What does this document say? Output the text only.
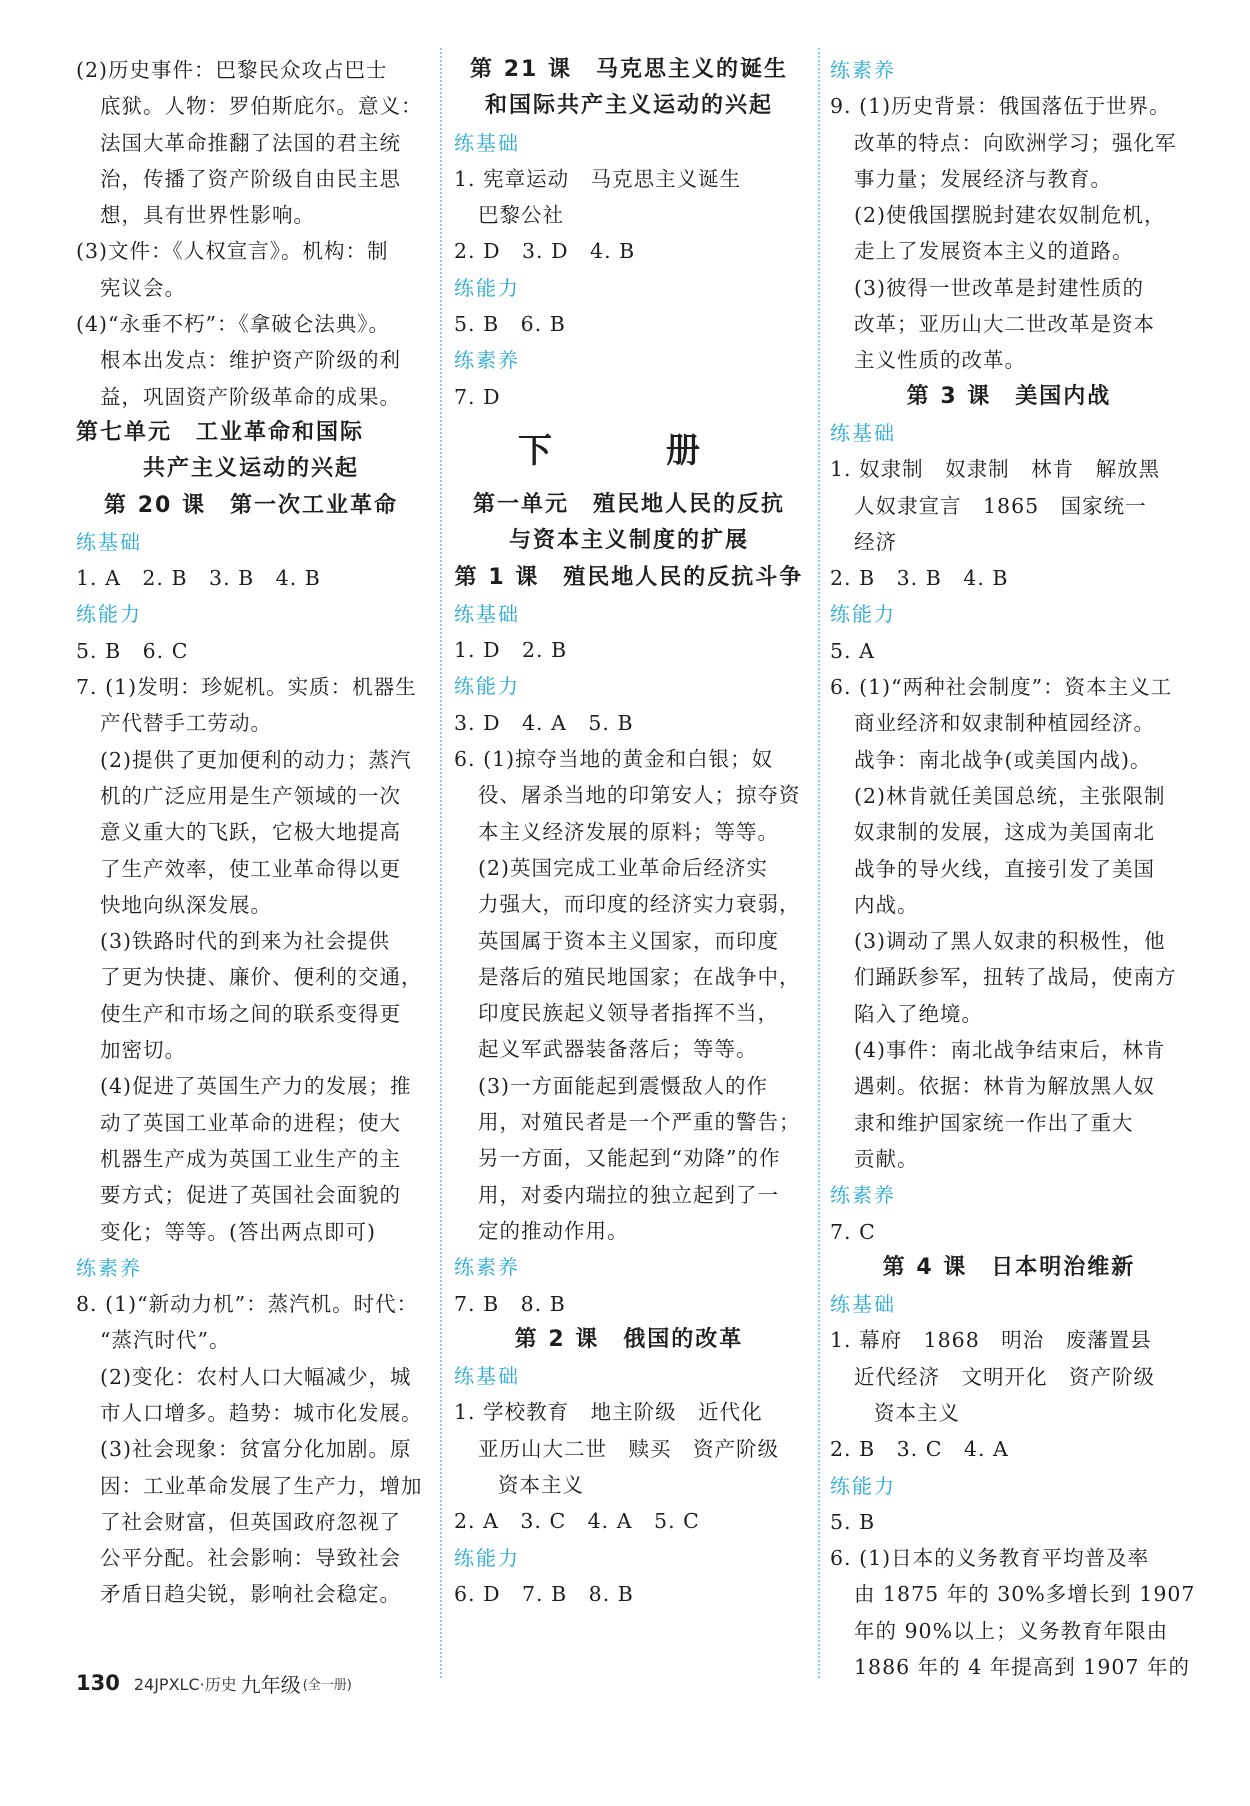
(2)历史事件：巴黎民众攻占巴士
底狱。人物：罗伯斯庇尔。意义：
法国大革命推翻了法国的君主统
治，传播了资产阶级自由民主思
想，具有世界性影响。
(3)文件：《人权宣言》。机构：制
宪议会。
(4)“永垂不朽”：《拿破仑法典》。
根本出发点：维护资产阶级的利
益，巩固资产阶级革命的成果。
第七单元　工业革命和国际
共产主义运动的兴起
第 20 课　第一次工业革命
练基础
1. A　2. B　3. B　4. B
练能力
5. B　6. C
7. (1)发明：珍妮机。实质：机器生
产代替手工劳动。
(2)提供了更加便利的动力；蒸汽
机的广泛应用是生产领域的一次
意义重大的飞跃，它极大地提高
了生产效率，使工业革命得以更
快地向纵深发展。
(3)铁路时代的到来为社会提供
了更为快捷、廉价、便利的交通，
使生产和市场之间的联系变得更
加密切。
(4)促进了英国生产力的发展；推
动了英国工业革命的进程；使大
机器生产成为英国工业生产的主
要方式；促进了英国社会面貌的
变化；等等。(答出两点即可)
练素养
8. (1)“新动力机”：蒸汽机。时代：
“蒸汽时代”。
(2)变化：农村人口大幅减少，城
市人口增多。趋势：城市化发展。
(3)社会现象：贫富分化加剧。原
因：工业革命发展了生产力，增加
了社会财富，但英国政府忽视了
公平分配。社会影响：导致社会
矛盾日趋尖锐，影响社会稳定。
第 21 课　马克思主义的诞生
和国际共产主义运动的兴起
练基础
1. 宪章运动　马克思主义诞生
巴黎公社
2. D　3. D　4. B
练能力
5. B　6. B
练素养
7. D
下　册
第一单元　殖民地人民的反抗
与资本主义制度的扩展
第 1 课　殖民地人民的反抗斗争
练基础
1. D　2. B
练能力
3. D　4. A　5. B
6. (1)掠夺当地的黄金和白银；奴
役、屠杀当地的印第安人；掠夺资
本主义经济发展的原料；等等。
(2)英国完成工业革命后经济实
力强大，而印度的经济实力衰弱，
英国属于资本主义国家，而印度
是落后的殖民地国家；在战争中，
印度民族起义领导者指挥不当，
起义军武器装备落后；等等。
(3)一方面能起到震慑敌人的作
用，对殖民者是一个严重的警告；
另一方面，又能起到“劝降”的作
用，对委内瑞拉的独立起到了一
定的推动作用。
练素养
7. B　8. B
第 2 课　俄国的改革
练基础
1. 学校教育　地主阶级　近代化
亚历山大二世　赎买　资产阶级
资本主义
2. A　3. C　4. A　5. C
练能力
6. D　7. B　8. B
练素养
9. (1)历史背景：俄国落伍于世界。
改革的特点：向欧洲学习；强化军
事力量；发展经济与教育。
(2)使俄国摆脱封建农奴制危机，
走上了发展资本主义的道路。
(3)彼得一世改革是封建性质的
改革；亚历山大二世改革是资本
主义性质的改革。
第 3 课　美国内战
练基础
1. 奴隶制　奴隶制　林肯　解放黑
人奴隶宣言　1865　国家统一
经济
2. B　3. B　4. B
练能力
5. A
6. (1)“两种社会制度”：资本主义工
商业经济和奴隶制种植园经济。
战争：南北战争(或美国内战)。
(2)林肯就任美国总统，主张限制
奴隶制的发展，这成为美国南北
战争的导火线，直接引发了美国
内战。
(3)调动了黑人奴隶的积极性，他
们踊跃参军，扭转了战局，使南方
陷入了绝境。
(4)事件：南北战争结束后，林肯
遇刺。依据：林肯为解放黑人奴
隶和维护国家统一作出了重大
贡献。
练素养
7. C
第 4 课　日本明治维新
练基础
1. 幕府　1868　明治　废藩置县
近代经济　文明开化　资产阶级
资本主义
2. B　3. C　4. A
练能力
5. B
6. (1)日本的义务教育平均普及率
由 1875 年的 30%多增长到 1907
年的 90%以上；义务教育年限由
1886 年的 4 年提高到 1907 年的
130 24JPXLC·历史 九年级 (全一册)
